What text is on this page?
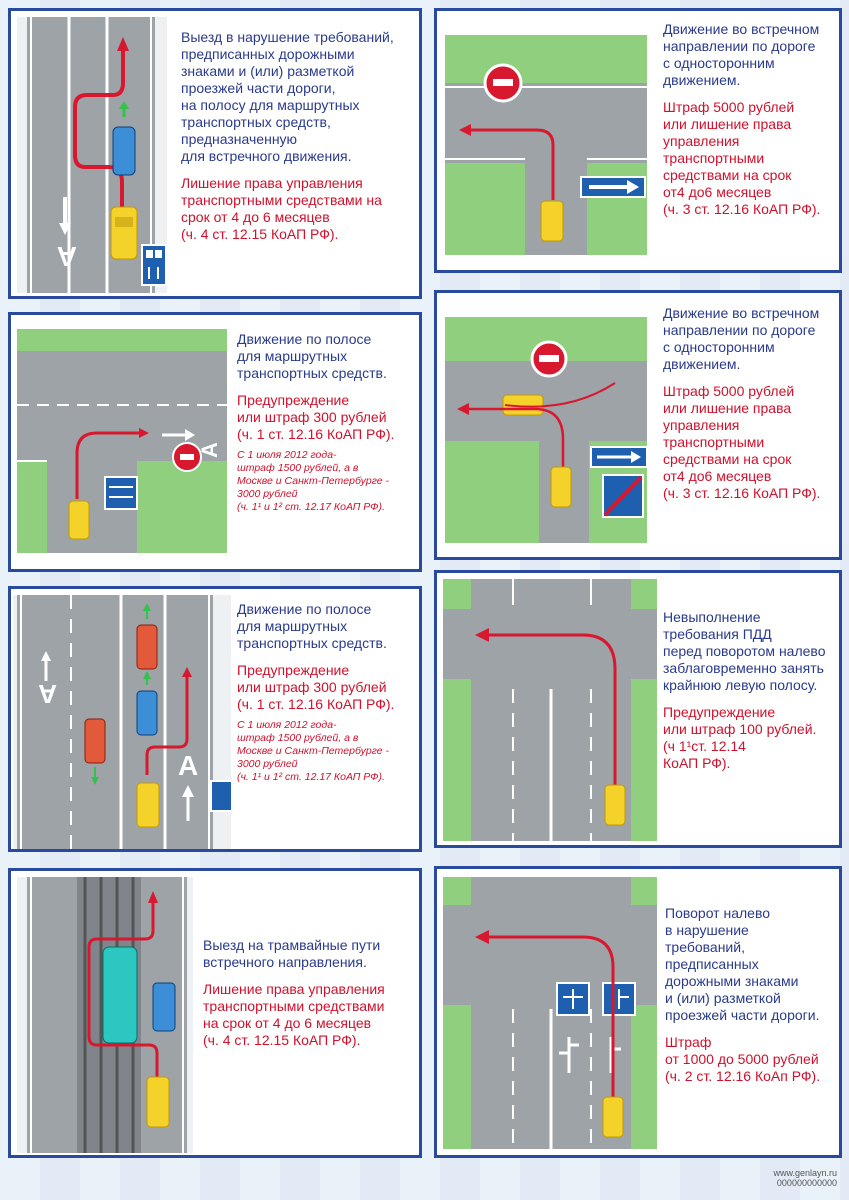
А
Выезд в нарушение требований,
предписанных дорожными
знаками и (или) разметкой
проезжей части дороги,
на полосу для маршрутных
транспортных средств,
предназначенную
для встречного движения.
Лишение права управления
транспортными средствами на
срок от 4 до 6 месяцев
(ч. 4 ст. 12.15 КоАП РФ).
Движение во встречном
направлении по дороге
с односторонним
движением.
Штраф 5000 рублей
или лишение права
управления
транспортными
средствами на срок
от4 до6 месяцев
(ч. 3 ст. 12.16 КоАП РФ).
А
Движение по полосе
для маршрутных
транспортных средств.
Предупреждение
или штраф 300 рублей
(ч. 1 ст. 12.16 КоАП РФ).
С 1 июля 2012 года-
штраф 1500 рублей, а в
Москве и Санкт-Петербурге -
3000 рублей
(ч. 1¹ и 1² ст. 12.17 КоАП РФ).
Движение во встречном
направлении по дороге
с односторонним
движением.
Штраф 5000 рублей
или лишение права
управления
транспортными
средствами на срок
от4 до6 месяцев
(ч. 3 ст. 12.16 КоАП РФ).
А
А
Движение по полосе
для маршрутных
транспортных средств.
Предупреждение
или штраф 300 рублей
(ч. 1 ст. 12.16 КоАП РФ).
С 1 июля 2012 года-
штраф 1500 рублей, а в
Москве и Санкт-Петербурге -
3000 рублей
(ч. 1¹ и 1² ст. 12.17 КоАП РФ).
Невыполнение
требования ПДД
перед поворотом налево
заблаговременно занять
крайнюю левую полосу.
Предупреждение
или штраф 100 рублей.
(ч 1¹ст. 12.14
КоАП РФ).
Выезд на трамвайные пути
встречного направления.
Лишение права управления
транспортными средствами
на срок от 4 до 6 месяцев
(ч. 4 ст. 12.15 КоАП РФ).
Поворот налево
в нарушение
требований,
предписанных
дорожными знаками
и (или) разметкой
проезжей части дороги.
Штраф
от 1000 до 5000 рублей
(ч. 2 ст. 12.16 КоАп РФ).
www.genlayn.ru
000000000000
